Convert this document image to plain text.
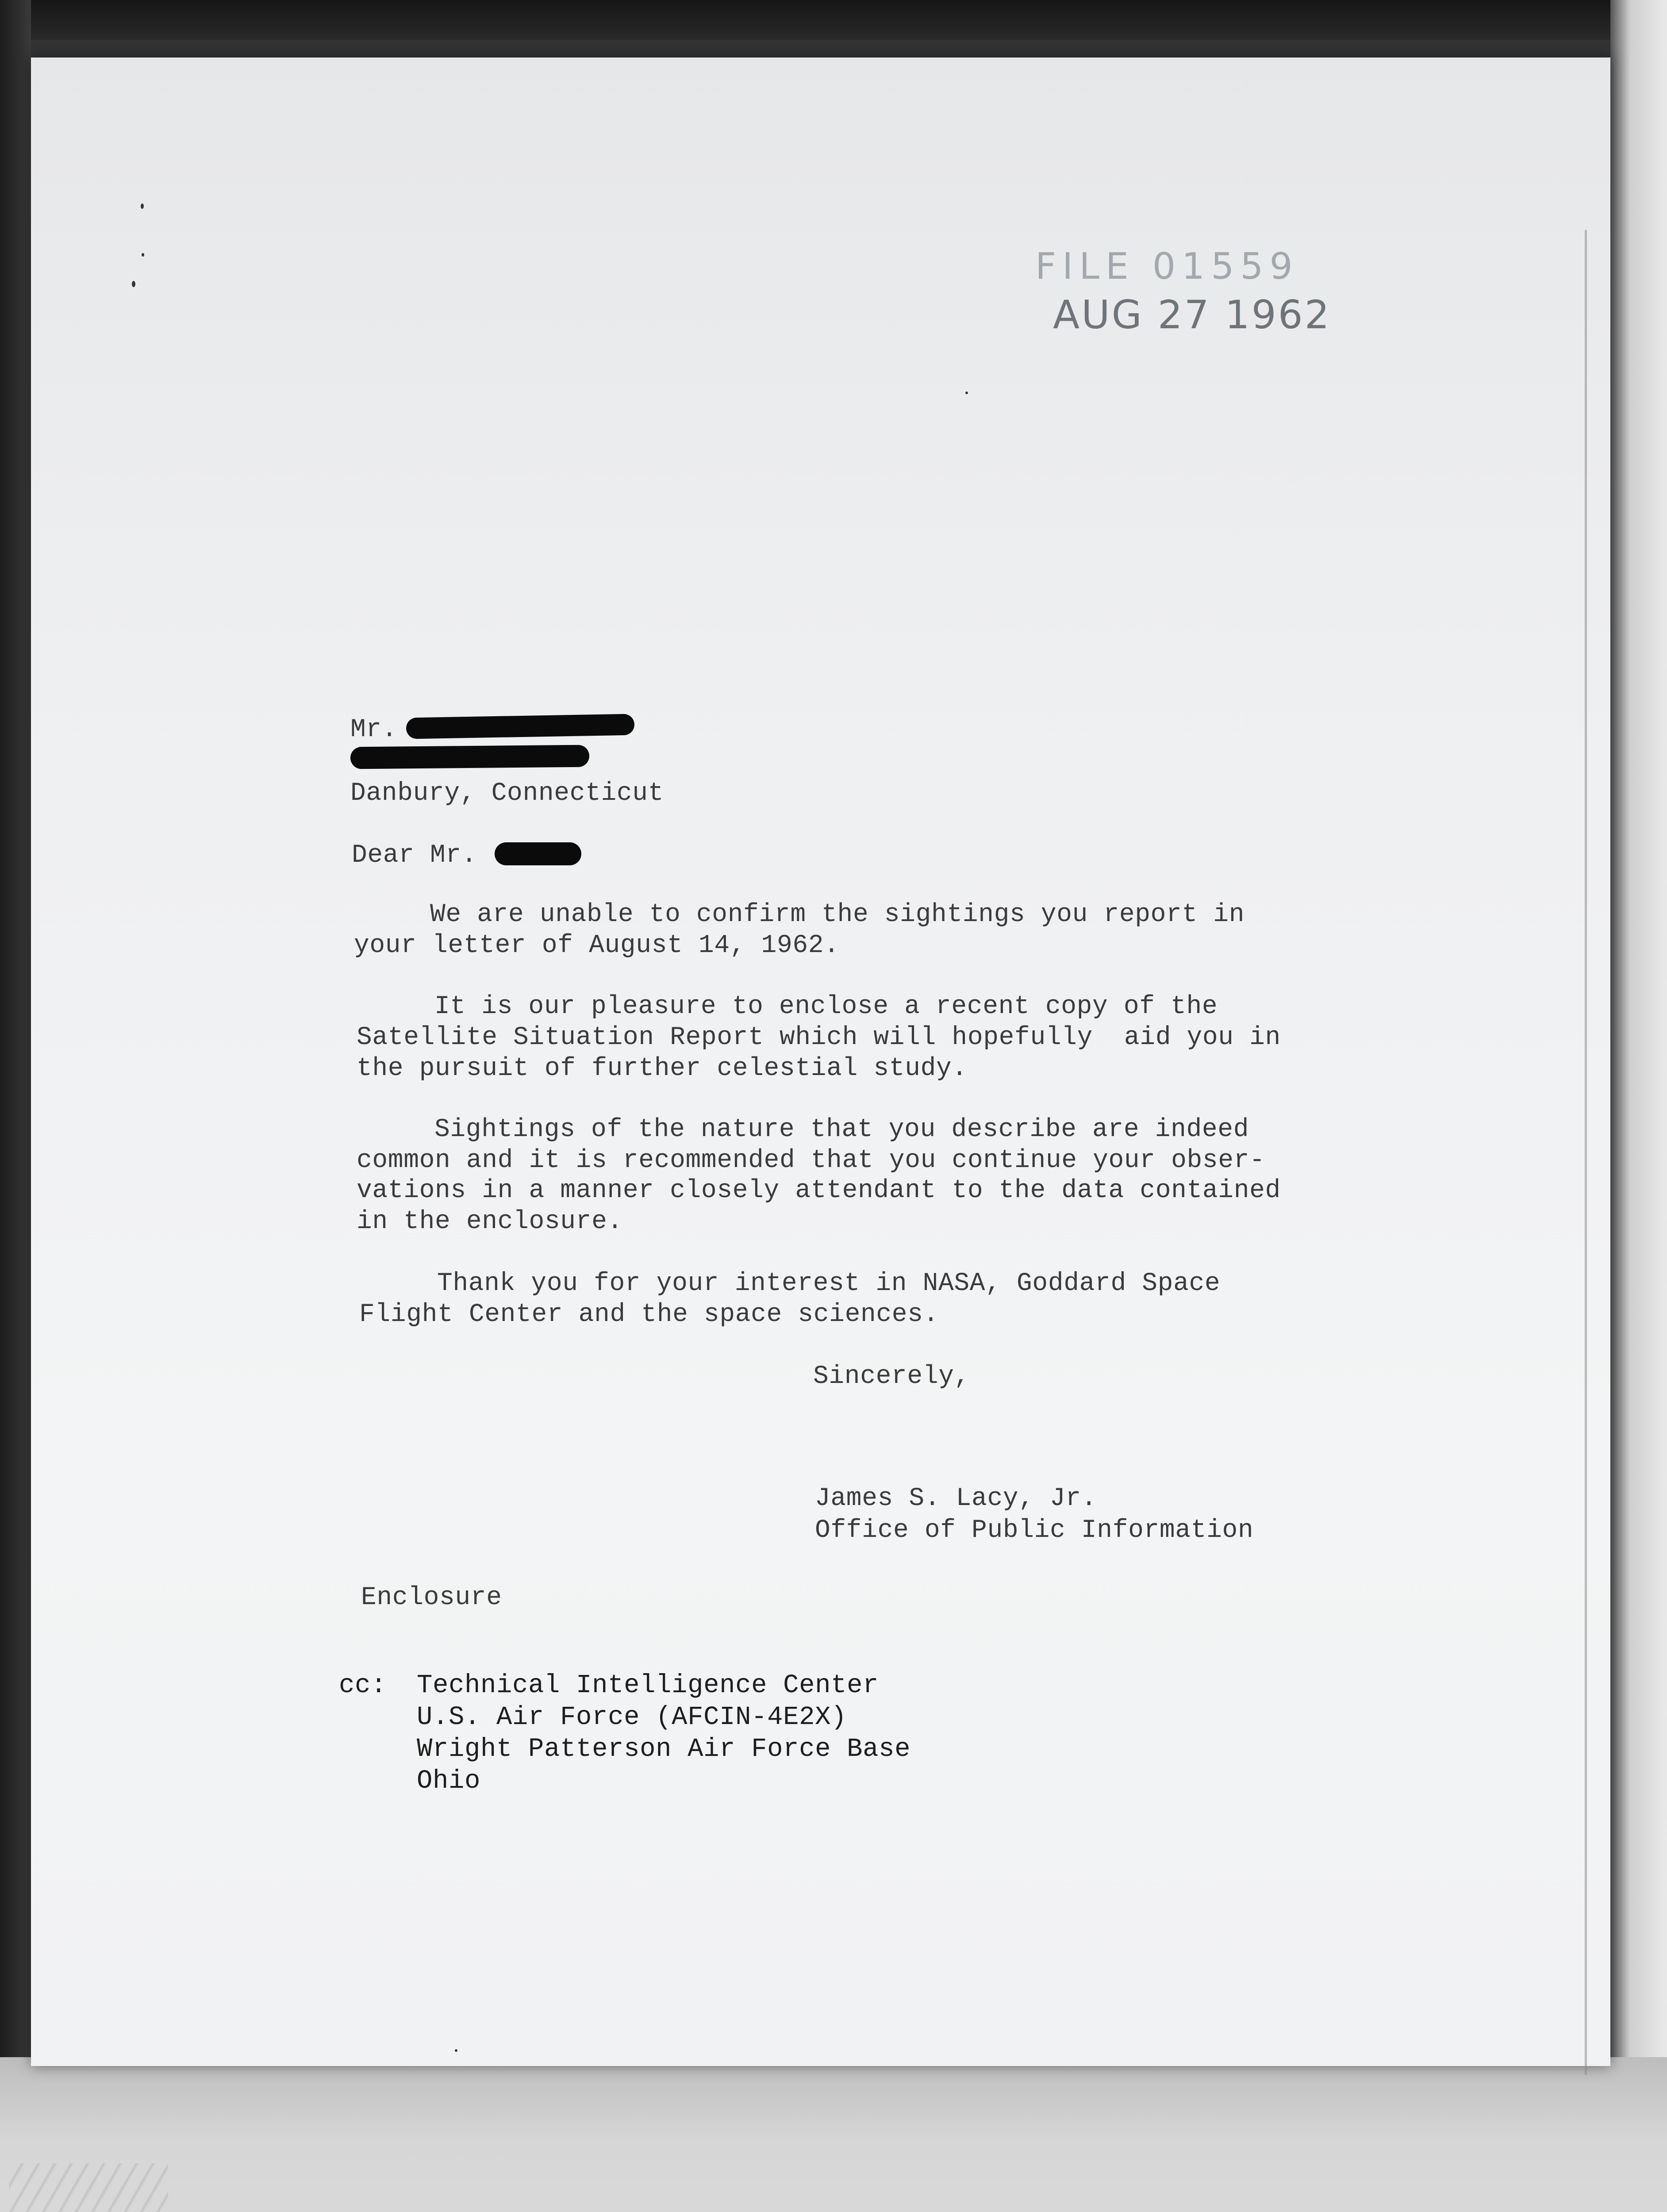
FILE 01559
AUG 27 1962
Mr.
Danbury, Connecticut
Dear Mr.
We are unable to confirm the sightings you report in
your letter of August 14, 1962.
It is our pleasure to enclose a recent copy of the
Satellite Situation Report which will hopefully  aid you in
the pursuit of further celestial study.
Sightings of the nature that you describe are indeed
common and it is recommended that you continue your obser-
vations in a manner closely attendant to the data contained
in the enclosure.
Thank you for your interest in NASA, Goddard Space
Flight Center and the space sciences.
Sincerely,
James S. Lacy, Jr.
Office of Public Information
Enclosure
cc: Technical Intelligence Center
U.S. Air Force (AFCIN-4E2X)
Wright Patterson Air Force Base
Ohio
